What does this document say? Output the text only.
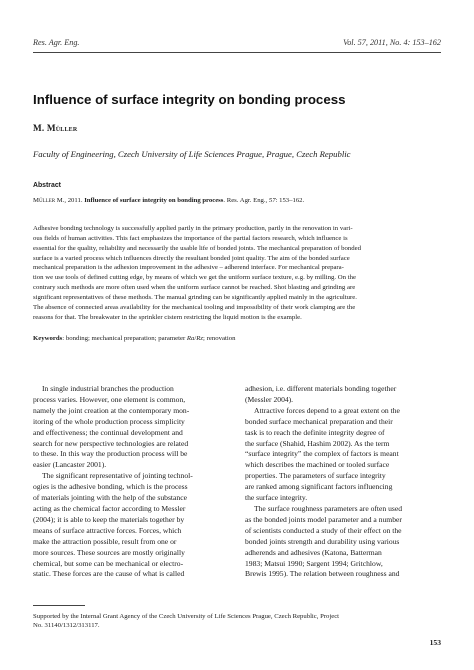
Res. Agr. Eng.	Vol. 57, 2011, No. 4: 153–162
Influence of surface integrity on bonding process
M. Müller
Faculty of Engineering, Czech University of Life Sciences Prague, Prague, Czech Republic
Abstract
Müller M., 2011. Influence of surface integrity on bonding process. Res. Agr. Eng., 57: 153–162.
Adhesive bonding technology is successfully applied partly in the primary production, partly in the renovation in vari-
ous fields of human activities. This fact emphasizes the importance of the partial factors research, which influence is
essential for the quality, reliability and necessarily the usable life of bonded joints. The mechanical preparation of bonded
surface is a varied process which influences directly the resultant bonded joint quality. The aim of the bonded surface
mechanical preparation is the adhesion improvement in the adhesive – adherend interface. For mechanical prepara-
tion we use tools of defined cutting edge, by means of which we get the uniform surface texture, e.g. by milling. On the
contrary such methods are more often used when the uniform surface cannot be reached. Shot blasting and grinding are
significant representatives of these methods. The manual grinding can be significantly applied mainly in the agriculture.
The absence of connected areas availability for the mechanical tooling and impossibility of their work clamping are the
reasons for that. The breakwater in the sprinkler cistern restricting the liquid motion is the example.
Keywords: bonding; mechanical preparation; parameter Ra/Rz; renovation
In single industrial branches the production
process varies. However, one element is common,
namely the joint creation at the contemporary mon-
itoring of the whole production process simplicity
and effectiveness; the continual development and
search for new perspective technologies are related
to these. In this way the production process will be
easier (Lancaster 2001).
The significant representative of jointing technol-
ogies is the adhesive bonding, which is the process
of materials jointing with the help of the substance
acting as the chemical factor according to Messler
(2004); it is able to keep the materials together by
means of surface attractive forces. Forces, which
make the attraction possible, result from one or
more sources. These sources are mostly originally
chemical, but some can be mechanical or electro-
static. These forces are the cause of what is called
adhesion, i.e. different materials bonding together
(Messler 2004).
Attractive forces depend to a great extent on the
bonded surface mechanical preparation and their
task is to reach the definite integrity degree of
the surface (Shahid, Hashim 2002). As the term
“surface integrity” the complex of factors is meant
which describes the machined or tooled surface
properties. The parameters of surface integrity
are ranked among significant factors influencing
the surface integrity.
The surface roughness parameters are often used
as the bonded joints model parameter and a number
of scientists conducted a study of their effect on the
bonded joints strength and durability using various
adherends and adhesives (Katona, Batterman
1983; Matsui 1990; Sargent 1994; Gritchlow,
Brewis 1995). The relation between roughness and
Supported by the Internal Grant Agency of the Czech University of Life Sciences Prague, Czech Republic, Project
No. 31140/1312/313117.
153
